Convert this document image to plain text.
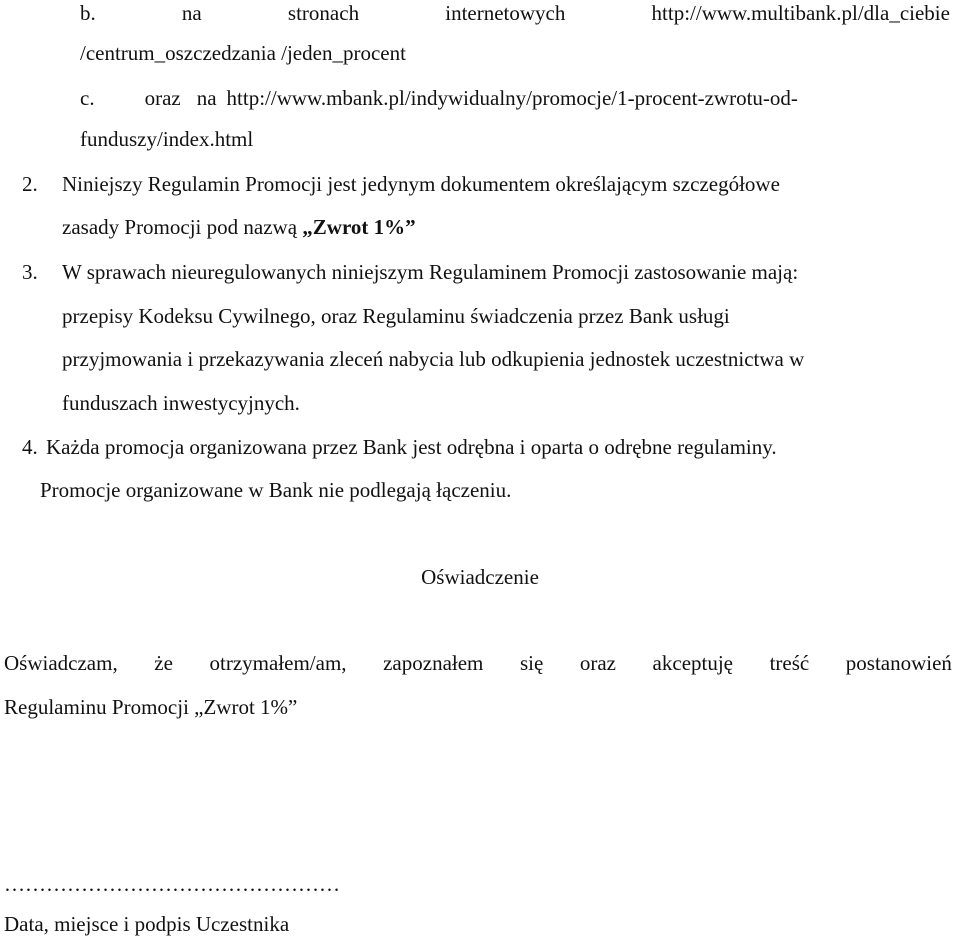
b.	na	stronach	internetowych	http://www.multibank.pl/dla_ciebie
/centrum_oszczedzania /jeden_procent
c. oraz na http://www.mbank.pl/indywidualny/promocje/1-procent-zwrotu-od-
funduszy/index.html
2. Niniejszy Regulamin Promocji jest jedynym dokumentem określającym szczegółowe
zasady Promocji pod nazwą „Zwrot 1%”
3. W sprawach nieuregulowanych niniejszym Regulaminem Promocji zastosowanie mają:
przepisy Kodeksu Cywilnego, oraz Regulaminu świadczenia przez Bank usługi
przyjmowania i przekazywania zleceń nabycia lub odkupienia jednostek uczestnictwa w
funduszach inwestycyjnych.
4. Każda promocja organizowana przez Bank jest odrębna i oparta o odrębne regulaminy.
Promocje organizowane w Bank nie podlegają łączeniu.
Oświadczenie
Oświadczam, że otrzymałem/am, zapoznałem się oraz akceptuję treść postanowień
Regulaminu Promocji „Zwrot 1%”
…………………………………………
Data, miejsce i podpis Uczestnika
